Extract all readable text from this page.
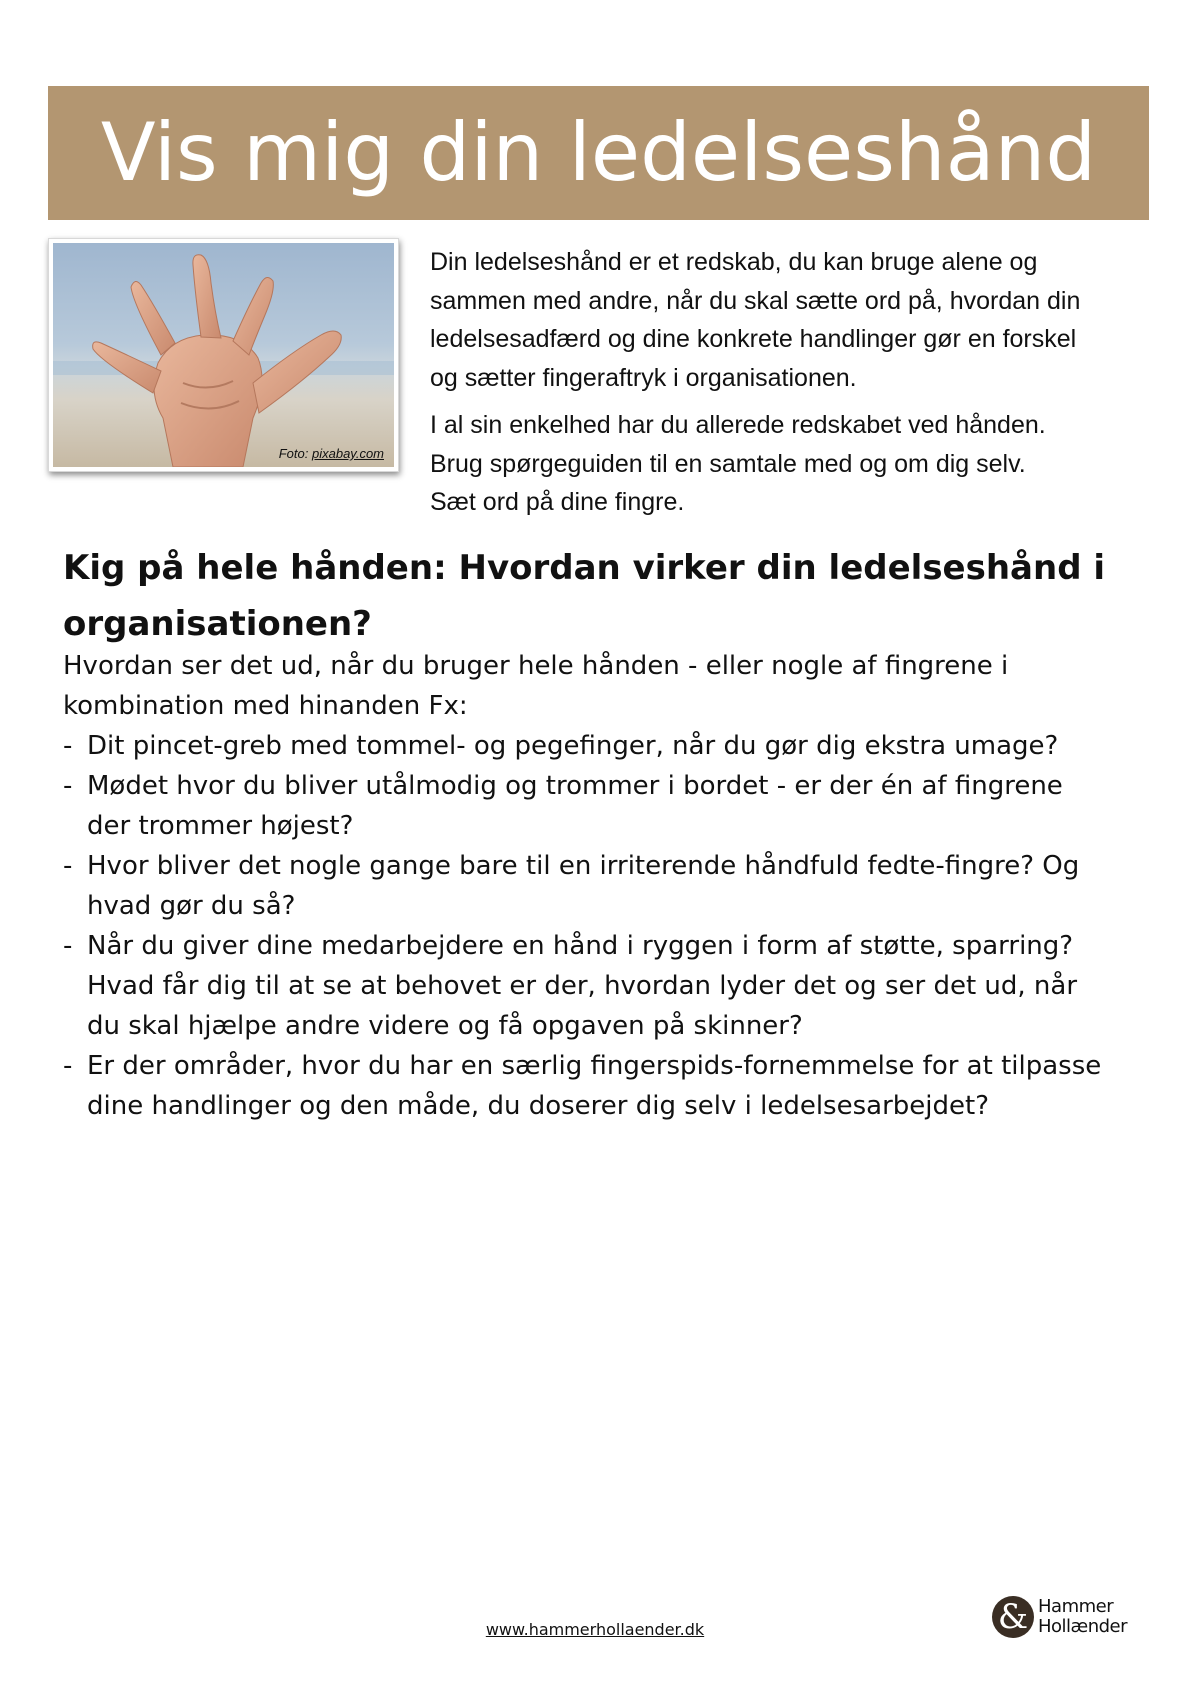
Vis mig din ledelseshånd
Foto: pixabay.com

Din ledelseshånd er et redskab, du kan bruge alene og
sammen med andre, når du skal sætte ord på, hvordan din
ledelsesadfærd og dine konkrete handlinger gør en forskel
og sætter fingeraftryk i organisationen.

I al sin enkelhed har du allerede redskabet ved hånden.
Brug spørgeguiden til en samtale med og om dig selv.
Sæt ord på dine fingre.

Kig på hele hånden: Hvordan virker din ledelseshånd i
organisationen?
Hvordan ser det ud, når du bruger hele hånden - eller nogle af fingrene i
kombination med hinanden Fx:
- Dit pincet-greb med tommel- og pegefinger, når du gør dig ekstra umage?
- Mødet hvor du bliver utålmodig og trommer i bordet - er der én af fingrene
der trommer højest?
- Hvor bliver det nogle gange bare til en irriterende håndfuld fedte-fingre? Og
hvad gør du så?
- Når du giver dine medarbejdere en hånd i ryggen i form af støtte, sparring?
Hvad får dig til at se at behovet er der, hvordan lyder det og ser det ud, når
du skal hjælpe andre videre og få opgaven på skinner?
- Er der områder, hvor du har en særlig fingerspids-fornemmelse for at tilpasse
dine handlinger og den måde, du doserer dig selv i ledelsesarbejdet?
www.hammerhollaender.dk	& Hammer
Hollænder
